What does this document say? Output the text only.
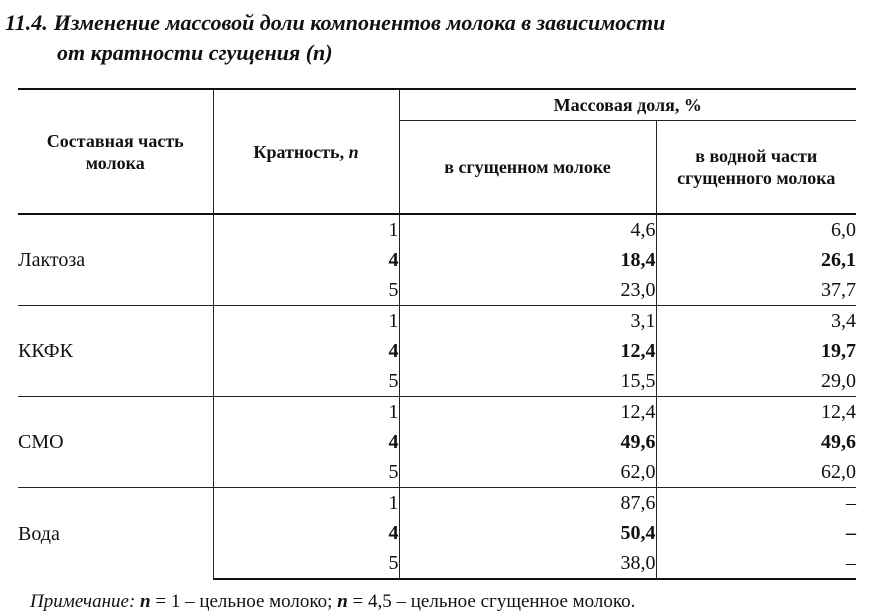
11.4. Изменение массовой доли компонентов молока в зависимости
от кратности сгущения (n)
Составная часть молока	Кратность, n	Массовая доля, %	
		в сгущенном молоке	в водной части сгущенного молока
Лактоза	1	4,6	6,0
	4	18,4	26,1
	5	23,0	37,7
ККФК	1	3,1	3,4
	4	12,4	19,7
	5	15,5	29,0
СМО	1	12,4	12,4
	4	49,6	49,6
	5	62,0	62,0
Вода	1	87,6	–
	4	50,4	–
	5	38,0	–
Примечание: n = 1 – цельное молоко; n = 4,5 – цельное сгущенное молоко.
